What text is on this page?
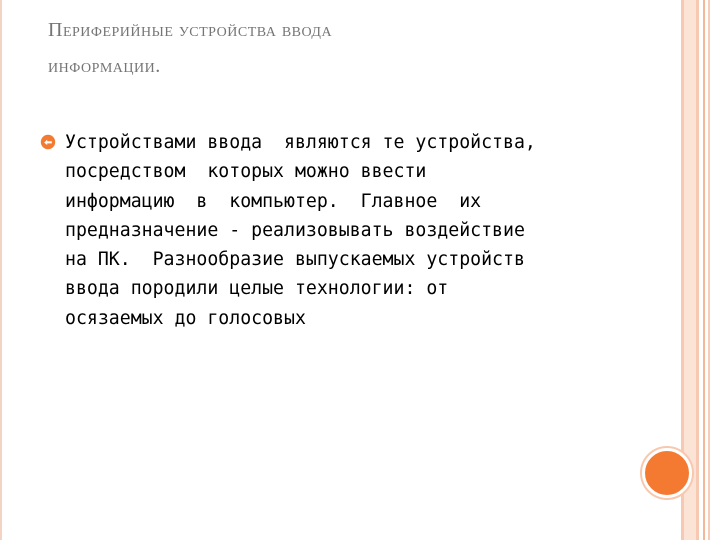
Периферийные устройства ввода
информации.
Устройствами ввода  являются те устройства,
посредством  которых можно ввести
информацию  в  компьютер.  Главное  их
предназначение - реализовывать воздействие
на ПК.  Разнообразие выпускаемых устройств
ввода породили целые технологии: от
осязаемых до голосовых
